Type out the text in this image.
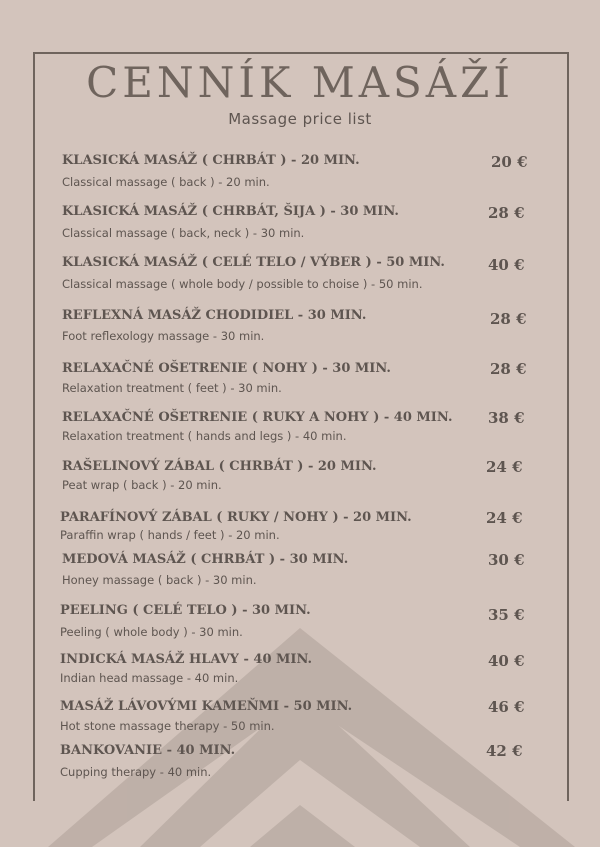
CENNÍK MASÁŽÍ
Massage price list
KLASICKÁ MASÁŽ ( CHRBÁT ) - 20 MIN.
Classical massage ( back ) - 20 min.
20 €
KLASICKÁ MASÁŽ ( CHRBÁT, ŠIJA ) - 30 MIN.
Classical massage ( back, neck ) - 30 min.
28 €
KLASICKÁ MASÁŽ ( CELÉ TELO / VÝBER ) - 50 MIN.
Classical massage ( whole body / possible to choise ) - 50 min.
40 €
REFLEXNÁ MASÁŽ CHODIDIEL - 30 MIN.
Foot reflexology massage - 30 min.
28 €
RELAXAČNÉ OŠETRENIE ( NOHY ) - 30 MIN.
Relaxation treatment ( feet ) - 30 min.
28 €
RELAXAČNÉ OŠETRENIE ( RUKY A NOHY ) - 40 MIN.
Relaxation treatment ( hands and legs ) - 40 min.
38 €
RAŠELINOVÝ ZÁBAL ( CHRBÁT ) - 20 MIN.
Peat wrap ( back ) - 20 min.
24 €
PARAFÍNOVÝ ZÁBAL ( RUKY / NOHY ) - 20 MIN.
Paraffin wrap ( hands / feet ) - 20 min.
24 €
MEDOVÁ MASÁŽ ( CHRBÁT ) - 30 MIN.
Honey massage ( back ) - 30 min.
30 €
PEELING ( CELÉ TELO ) - 30 MIN.
Peeling ( whole body ) - 30 min.
35 €
INDICKÁ MASÁŽ HLAVY - 40 MIN.
Indian head massage - 40 min.
40 €
MASÁŽ LÁVOVÝMI KAMEŇMI - 50 MIN.
Hot stone massage therapy - 50 min.
46 €
BANKOVANIE - 40 MIN.
Cupping therapy - 40 min.
42 €
